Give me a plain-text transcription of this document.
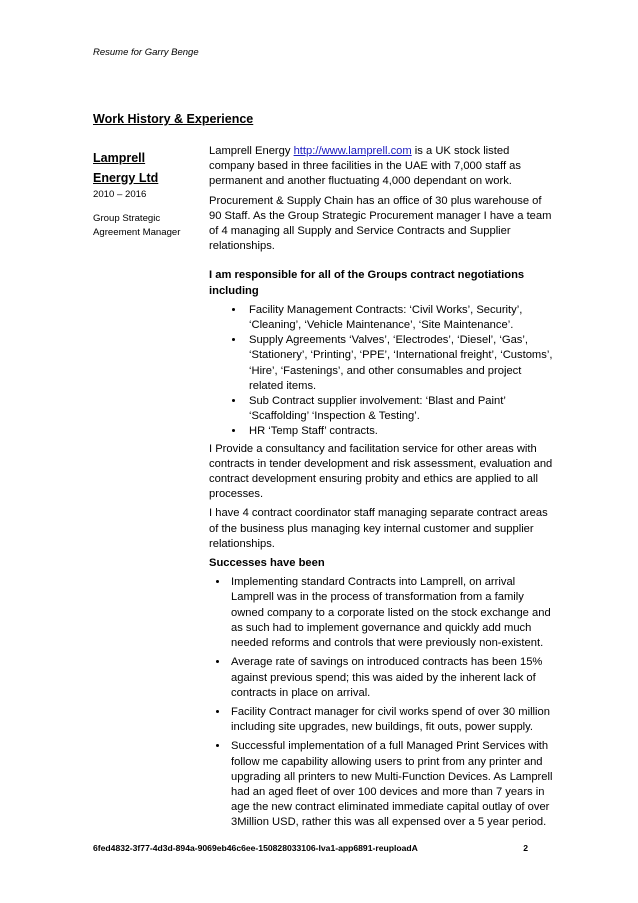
Resume for Garry Benge
Work History & Experience

Lamprell

Energy Ltd

2010 – 2016

Group Strategic

Agreement Manager

Lamprell Energy http://www.lamprell.com is a UK stock listed company based in three facilities in the UAE with 7,000 staff as permanent and another fluctuating 4,000 dependant on work.

Procurement & Supply Chain has an office of 30 plus warehouse of 90 Staff. As the Group Strategic Procurement manager I have a team of 4 managing all Supply and Service Contracts and Supplier relationships.

I am responsible for all of the Groups contract negotiations including

• Facility Management Contracts: ‘Civil Works’, Security’, ‘Cleaning’, ‘Vehicle Maintenance’, ‘Site Maintenance’.
• Supply Agreements ‘Valves’, ‘Electrodes’, ‘Diesel’, ‘Gas’, ‘Stationery’, ‘Printing’, ‘PPE’, ‘International freight’, ‘Customs’, ‘Hire’, ‘Fastenings’, and other consumables and project related items.
• Sub Contract supplier involvement: ‘Blast and Paint’ ‘Scaffolding’ ‘Inspection & Testing’.
• HR ‘Temp Staff’ contracts.

I Provide a consultancy and facilitation service for other areas with contracts in tender development and risk assessment, evaluation and contract development ensuring probity and ethics are applied to all processes.

I have 4 contract coordinator staff managing separate contract areas of the business plus managing key internal customer and supplier relationships.

Successes have been

• Implementing standard Contracts into Lamprell, on arrival Lamprell was in the process of transformation from a family owned company to a corporate listed on the stock exchange and as such had to implement governance and quickly add much needed reforms and controls that were previously non-existent.
• Average rate of savings on introduced contracts has been 15% against previous spend; this was aided by the inherent lack of contracts in place on arrival.
• Facility Contract manager for civil works spend of over 30 million including site upgrades, new buildings, fit outs, power supply.
• Successful implementation of a full Managed Print Services with follow me capability allowing users to print from any printer and upgrading all printers to new Multi-Function Devices. As Lamprell had an aged fleet of over 100 devices and more than 7 years in age the new contract eliminated immediate capital outlay of over 3Million USD, rather this was all expensed over a 5 year period.
6fed4832-3f77-4d3d-894a-9069eb46c6ee-150828033106-lva1-app6891-reuploadA	2
